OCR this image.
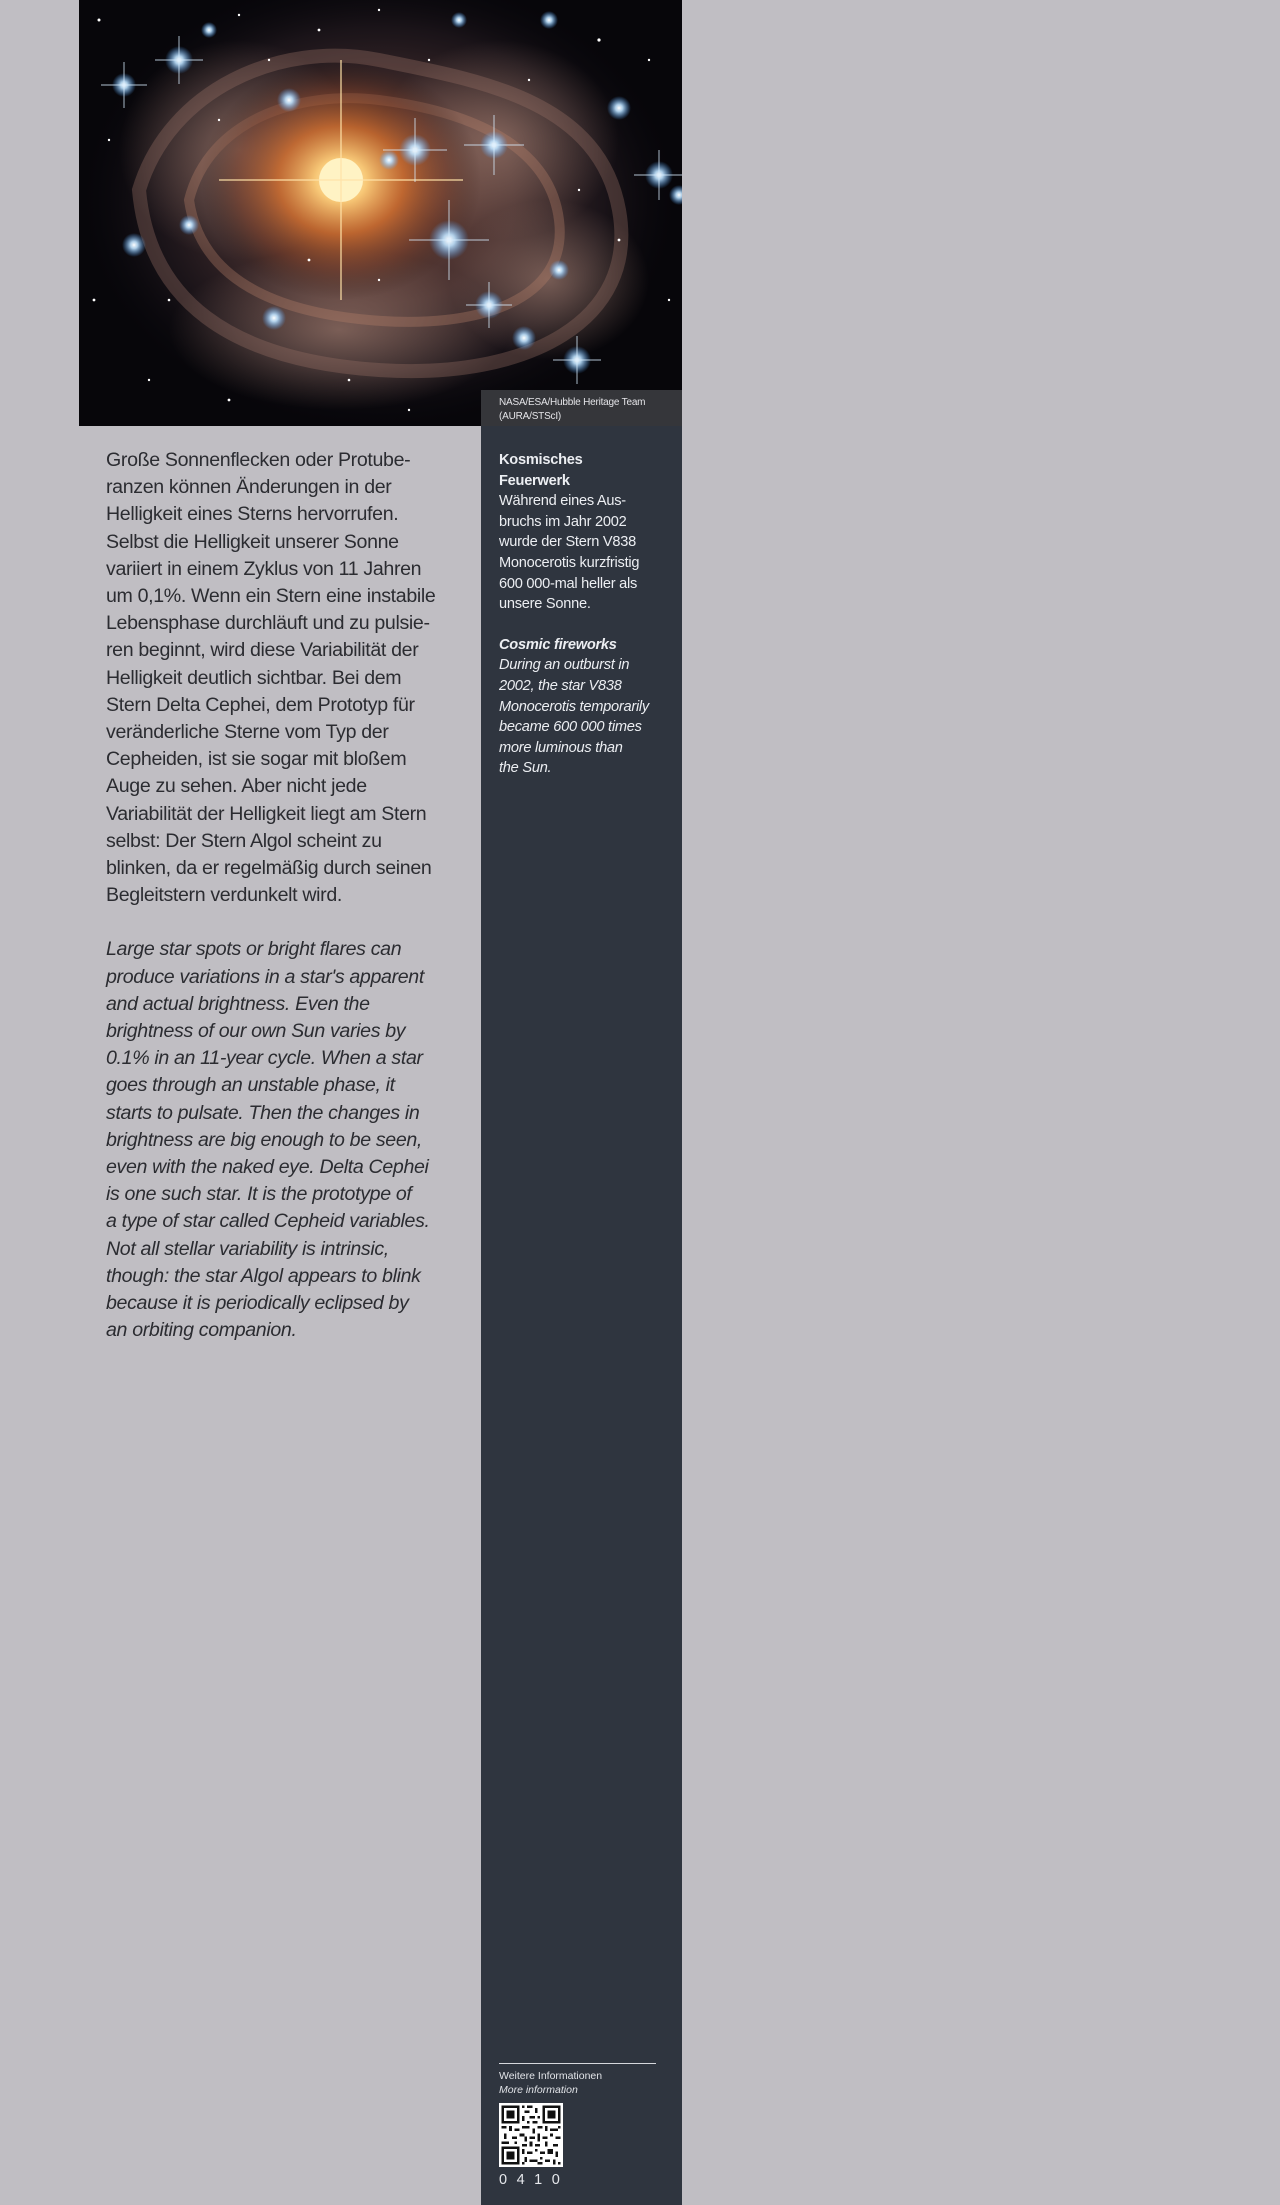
NASA/ESA/Hubble Heritage Team (AURA/STScI)

Große Sonnenflecken oder Protube-
ranzen können Änderungen in der
Helligkeit eines Sterns hervorrufen.
Selbst die Helligkeit unserer Sonne
variiert in einem Zyklus von 11 Jahren
um 0,1%. Wenn ein Stern eine instabile
Lebensphase durchläuft und zu pulsie-
ren beginnt, wird diese Variabilität der
Helligkeit deutlich sichtbar. Bei dem
Stern Delta Cephei, dem Prototyp für
veränderliche Sterne vom Typ der
Cepheiden, ist sie sogar mit bloßem
Auge zu sehen. Aber nicht jede
Variabilität der Helligkeit liegt am Stern
selbst: Der Stern Algol scheint zu
blinken, da er regelmäßig durch seinen
Begleitstern verdunkelt wird.

Large star spots or bright flares can
produce variations in a star's apparent
and actual brightness. Even the
brightness of our own Sun varies by
0.1% in an 11-year cycle. When a star
goes through an unstable phase, it
starts to pulsate. Then the changes in
brightness are big enough to be seen,
even with the naked eye. Delta Cephei
is one such star. It is the prototype of
a type of star called Cepheid variables.
Not all stellar variability is intrinsic,
though: the star Algol appears to blink
because it is periodically eclipsed by
an orbiting companion.

Kosmisches
Feuerwerk

Während eines Aus-
bruchs im Jahr 2002
wurde der Stern V838
Monocerotis kurzfristig
600 000-mal heller als
unsere Sonne.

Cosmic fireworks

During an outburst in
2002, the star V838
Monocerotis temporarily
became 600 000 times
more luminous than
the Sun.

Weitere Informationen
More information
0410
